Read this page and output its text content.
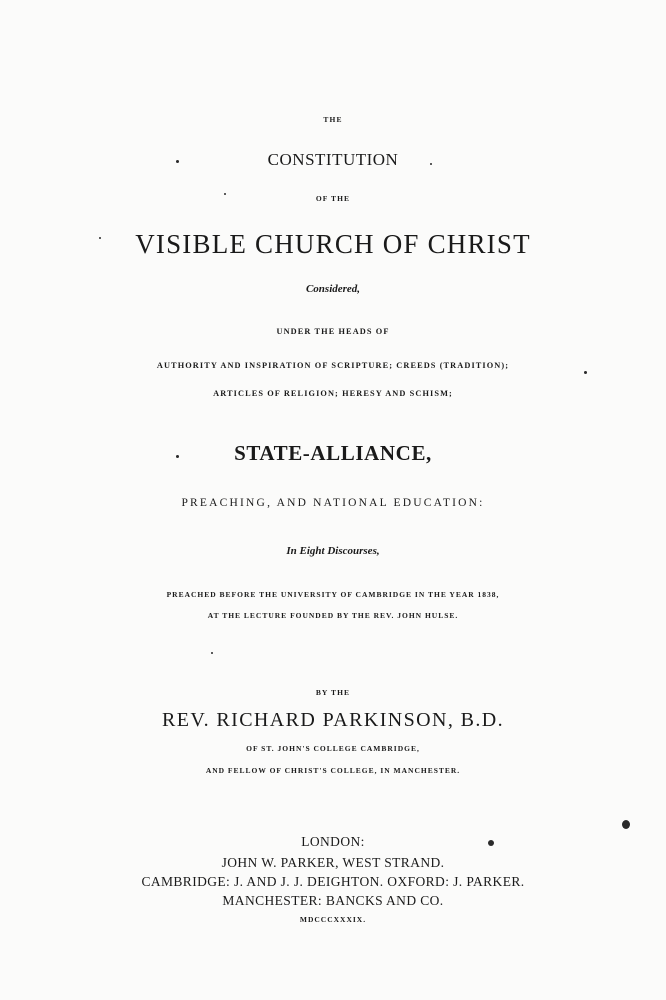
THE

CONSTITUTION

OF THE

VISIBLE CHURCH OF CHRIST

Considered,

UNDER THE HEADS OF

AUTHORITY AND INSPIRATION OF SCRIPTURE; CREEDS (TRADITION);

ARTICLES OF RELIGION; HERESY AND SCHISM;

STATE-ALLIANCE,

PREACHING, AND NATIONAL EDUCATION:

In Eight Discourses,

PREACHED BEFORE THE UNIVERSITY OF CAMBRIDGE IN THE YEAR 1838,

AT THE LECTURE FOUNDED BY THE REV. JOHN HULSE.

BY THE

REV. RICHARD PARKINSON, B.D.

OF ST. JOHN'S COLLEGE CAMBRIDGE,

AND FELLOW OF CHRIST'S COLLEGE, IN MANCHESTER.

LONDON:

JOHN W. PARKER, WEST STRAND.

CAMBRIDGE: J. AND J. J. DEIGHTON. OXFORD: J. PARKER.

MANCHESTER: BANCKS AND CO.

MDCCCXXXIX.
